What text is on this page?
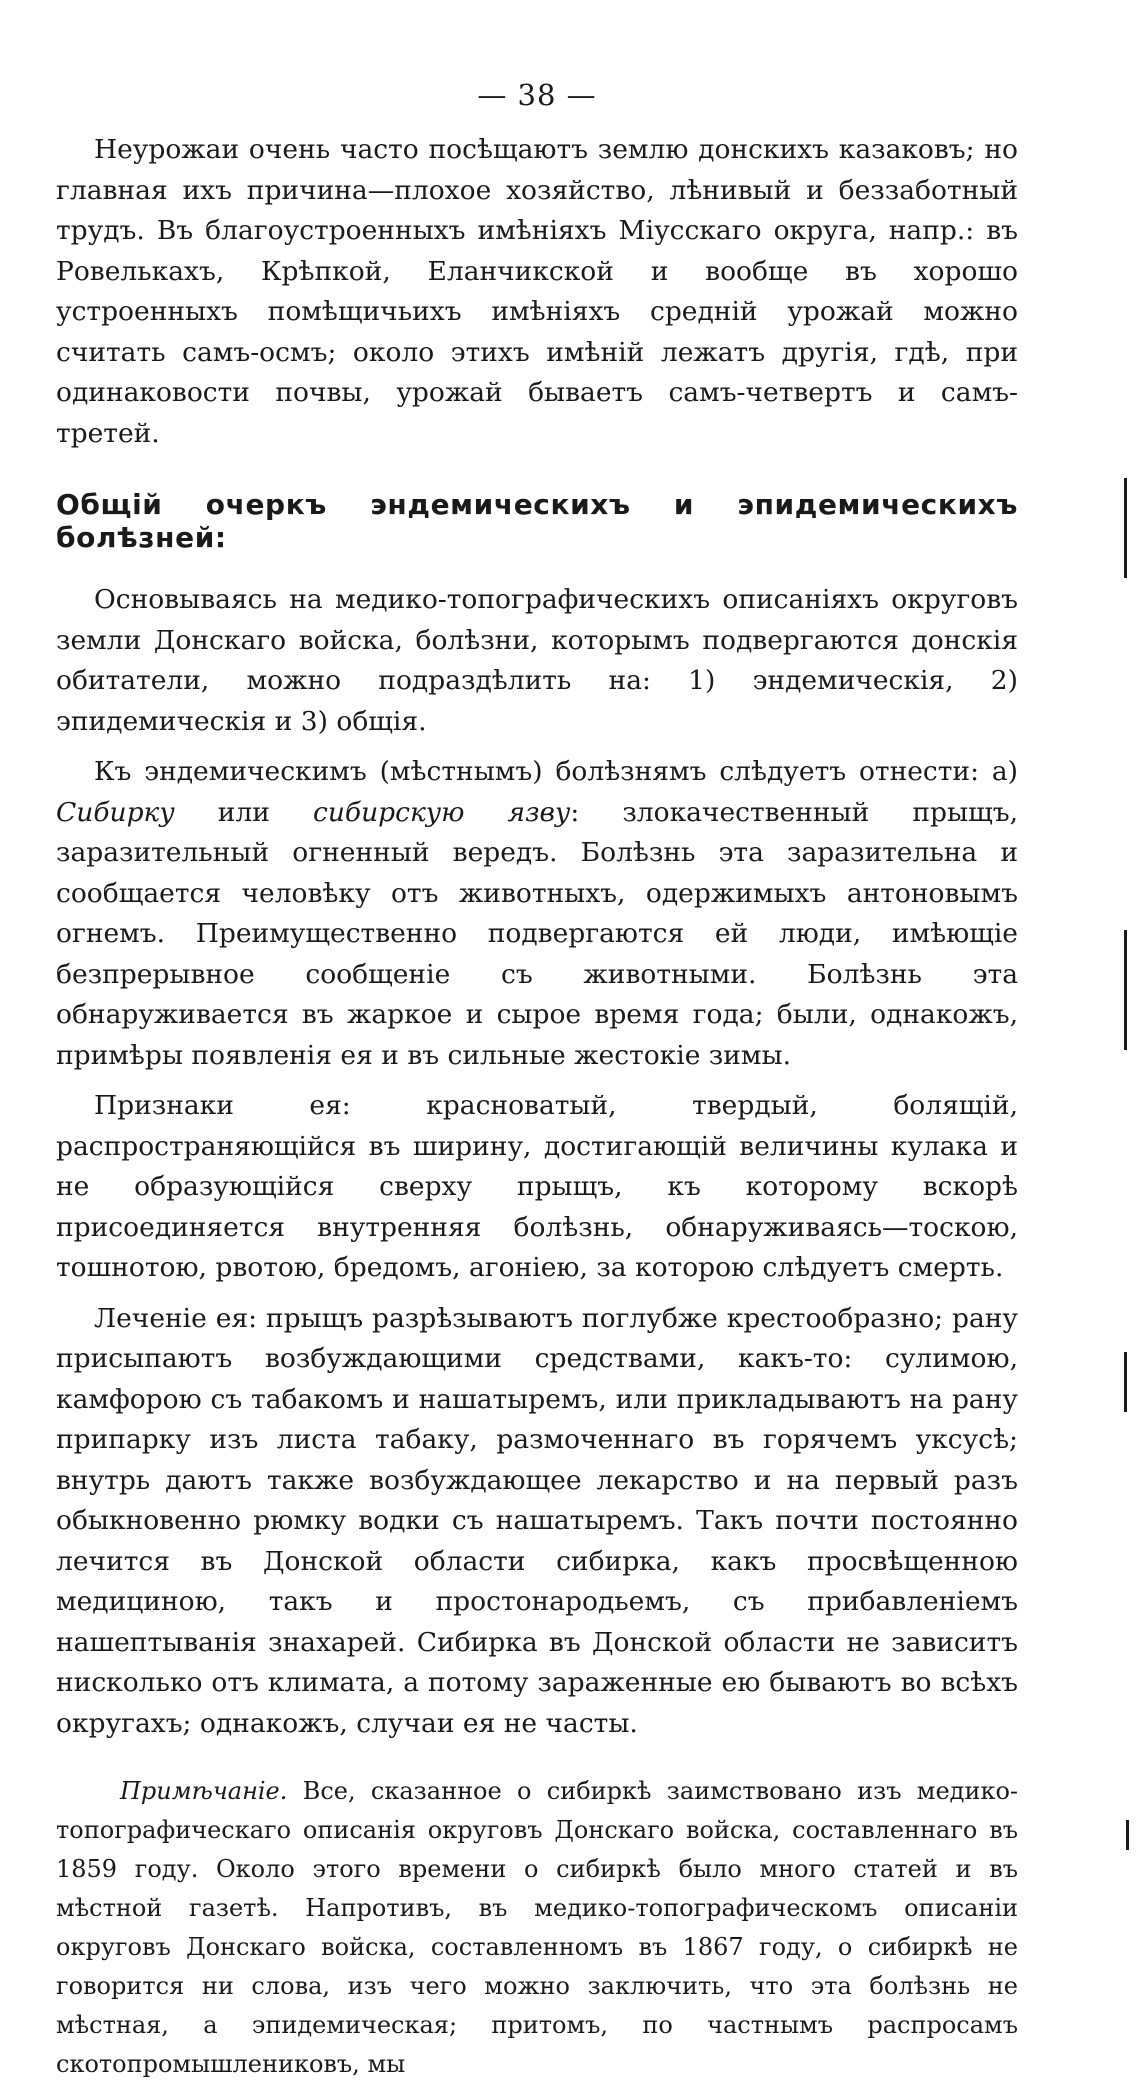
— 38 —

Неурожаи очень часто посѣщаютъ землю донскихъ казаковъ; но главная ихъ причина—плохое хозяйство, лѣнивый и беззаботный трудъ. Въ благоустроенныхъ имѣніяхъ Міусскаго округа, напр.: въ Ровелькахъ, Крѣпкой, Еланчикской и вообще въ хорошо устроенныхъ помѣщичьихъ имѣніяхъ средній урожай можно считать самъ-осмъ; около этихъ имѣній лежатъ другія, гдѣ, при одинаковости почвы, урожай бываетъ самъ-четвертъ и самъ-третей.

Общій очеркъ эндемическихъ и эпидемическихъ болѣзней:

Основываясь на медико-топографическихъ описаніяхъ округовъ земли Донскаго войска, болѣзни, которымъ подвергаются донскія обитатели, можно подраздѣлить на: 1) эндемическія, 2) эпидемическія и 3) общія.

Къ эндемическимъ (мѣстнымъ) болѣзнямъ слѣдуетъ отнести: а) Сибирку или сибирскую язву: злокачественный прыщъ, заразительный огненный вередъ. Болѣзнь эта заразительна и сообщается человѣку отъ животныхъ, одержимыхъ антоновымъ огнемъ. Преимущественно подвергаются ей люди, имѣющіе безпрерывное сообщеніе съ животными. Болѣзнь эта обнаруживается въ жаркое и сырое время года; были, однакожъ, примѣры появленія ея и въ сильные жестокіе зимы.

Признаки ея: красноватый, твердый, болящій, распространяющійся въ ширину, достигающій величины кулака и не образующійся сверху прыщъ, къ которому вскорѣ присоединяется внутренняя болѣзнь, обнаруживаясь—тоскою, тошнотою, рвотою, бредомъ, агоніею, за которою слѣдуетъ смерть.

Леченіе ея: прыщъ разрѣзываютъ поглубже крестообразно; рану присыпаютъ возбуждающими средствами, какъ-то: сулимою, камфорою съ табакомъ и нашатыремъ, или прикладываютъ на рану припарку изъ листа табаку, размоченнаго въ горячемъ уксусѣ; внутрь даютъ также возбуждающее лекарство и на первый разъ обыкновенно рюмку водки съ нашатыремъ. Такъ почти постоянно лечится въ Донской области сибирка, какъ просвѣщенною медициною, такъ и простонародьемъ, съ прибавленіемъ нашептыванія знахарей. Сибирка въ Донской области не зависитъ нисколько отъ климата, а потому зараженные ею бываютъ во всѣхъ округахъ; однакожъ, случаи ея не часты.

Примѣчаніе. Все, сказанное о сибиркѣ заимствовано изъ медико-топографическаго описанія округовъ Донскаго войска, составленнаго въ 1859 году. Около этого времени о сибиркѣ было много статей и въ мѣстной газетѣ. Напротивъ, въ медико-топографическомъ описаніи округовъ Донскаго войска, составленномъ въ 1867 году, о сибиркѣ не говорится ни слова, изъ чего можно заключить, что эта болѣзнь не мѣстная, а эпидемическая; притомъ, по частнымъ распросамъ скотопромышлениковъ, мы
